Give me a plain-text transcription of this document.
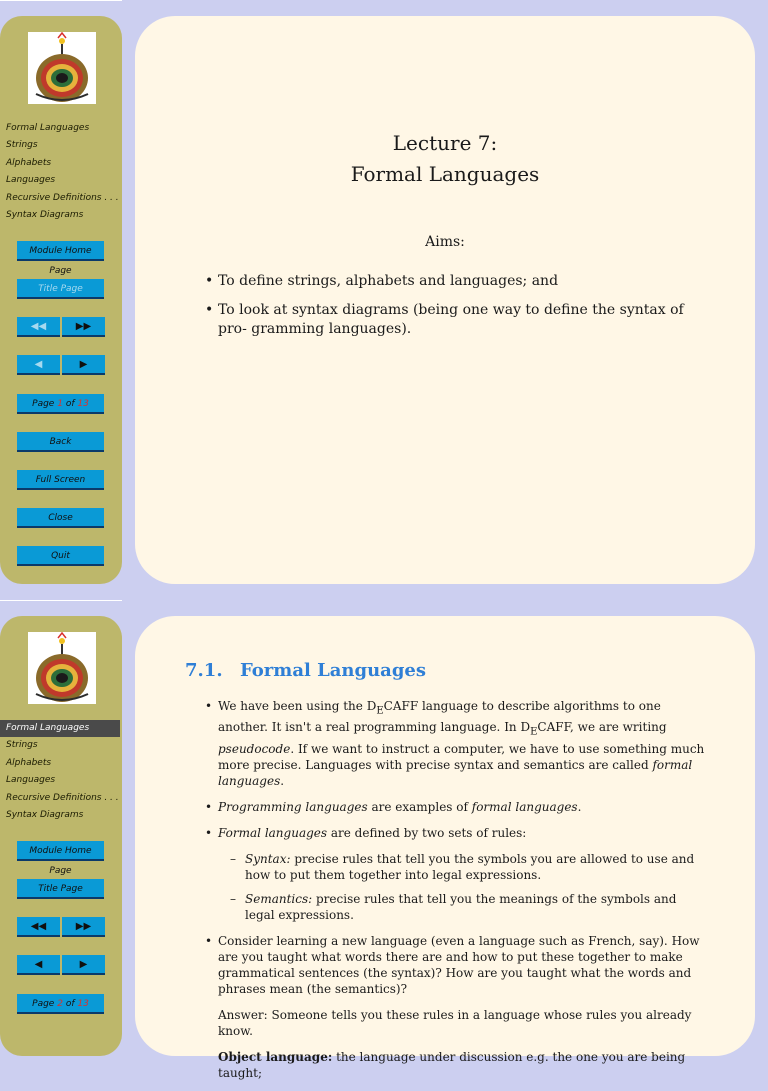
Formal Languages
Strings
Alphabets
Languages
Recursive Definitions . . .
Syntax Diagrams
Module Home Page
Title Page
◀◀	▶▶
◀	▶
Page 1 of 13
Back
Full Screen
Close
Quit
Lecture 7:
Formal Languages
Aims:
• To define strings, alphabets and languages; and
• To look at syntax diagrams (being one way to define the syntax of pro- gramming languages).
Formal Languages
Strings
Alphabets
Languages
Recursive Definitions . . .
Syntax Diagrams
Module Home Page
Title Page
◀◀	▶▶
◀	▶
Page 2 of 13
7.1. Formal Languages
• We have been using the $D_ECAFF$ language to describe algorithms to one another. It isn't a real programming language. In $D_ECAFF$, we are writing pseudocode. If we want to instruct a computer, we have to use something much more precise. Languages with precise syntax and semantics are called formal languages.
• Programming languages are examples of formal languages.
• Formal languages are defined by two sets of rules:
– Syntax: precise rules that tell you the symbols you are allowed to use and how to put them together into legal expressions.
– Semantics: precise rules that tell you the meanings of the symbols and legal expressions.
• Consider learning a new language (even a language such as French, say). How are you taught what words there are and how to put these together to make grammatical sentences (the syntax)? How are you taught what the words and phrases mean (the semantics)?

Answer: Someone tells you these rules in a language whose rules you already know.

Object language: the language under discussion e.g. the one you are being taught;
